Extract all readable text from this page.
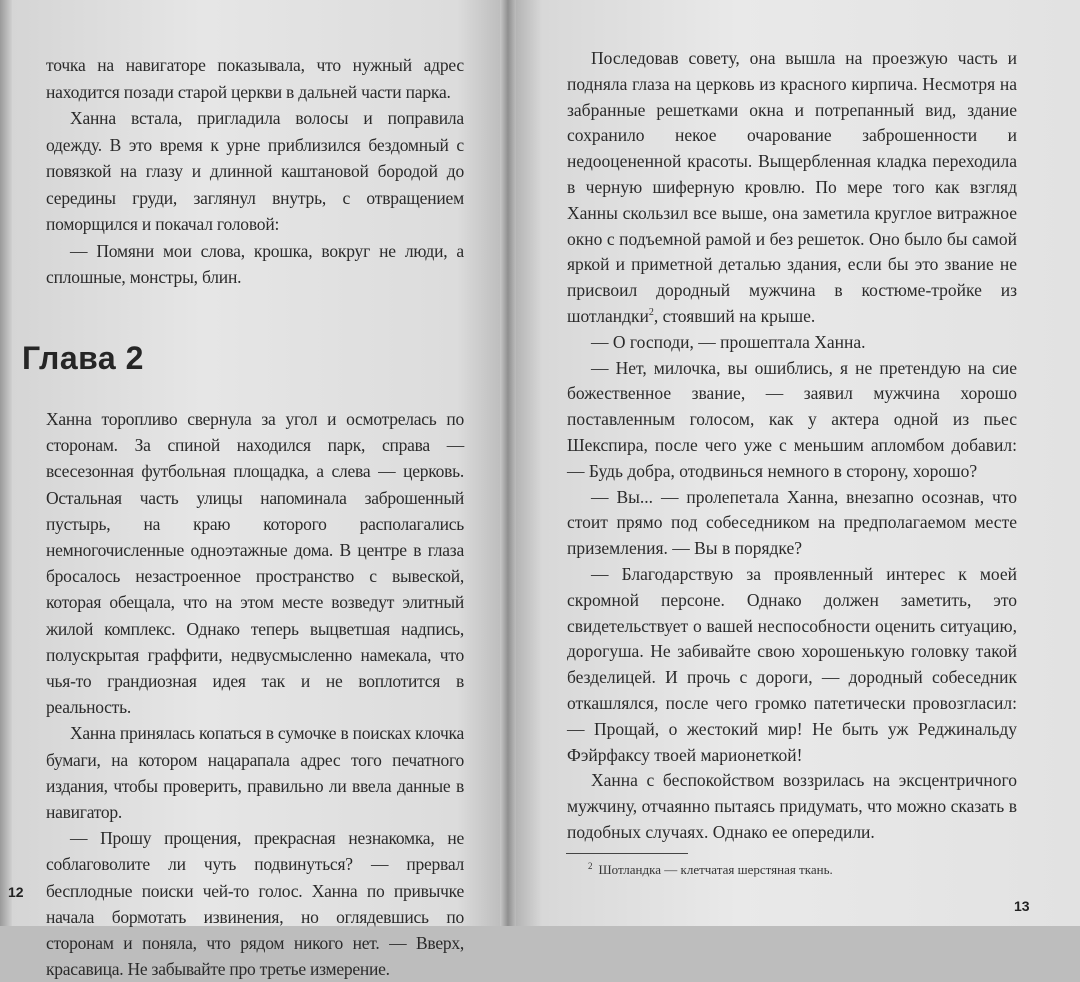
точка на навигаторе показывала, что нужный адрес находится позади старой церкви в дальней части парка.

Ханна встала, пригладила волосы и поправила одежду. В это время к урне приблизился бездомный с повязкой на глазу и длинной каштановой бородой до середины груди, заглянул внутрь, с отвращением поморщился и покачал головой:

— Помяни мои слова, крошка, вокруг не люди, а сплошные, монстры, блин.

Глава 2

Ханна торопливо свернула за угол и осмотрелась по сторонам. За спиной находился парк, справа — всесезонная футбольная площадка, а слева — церковь. Остальная часть улицы напоминала заброшенный пустырь, на краю которого располагались немногочисленные одноэтажные дома. В центре в глаза бросалось незастроенное пространство с вывеской, которая обещала, что на этом месте возведут элитный жилой комплекс. Однако теперь выцветшая надпись, полускрытая граффити, недвусмысленно намекала, что чья-то грандиозная идея так и не воплотится в реальность.

Ханна принялась копаться в сумочке в поисках клочка бумаги, на котором нацарапала адрес того печатного издания, чтобы проверить, правильно ли ввела данные в навигатор.

— Прошу прощения, прекрасная незнакомка, не соблаговолите ли чуть подвинуться? — прервал бесплодные поиски чей-то голос. Ханна по привычке начала бормотать извинения, но оглядевшись по сторонам и поняла, что рядом никого нет. — Вверх, красавица. Не забывайте про третье измерение.

12

Последовав совету, она вышла на проезжую часть и подняла глаза на церковь из красного кирпича. Несмотря на забранные решетками окна и потрепанный вид, здание сохранило некое очарование заброшенности и недооцененной красоты. Выщербленная кладка переходила в черную шиферную кровлю. По мере того как взгляд Ханны скользил все выше, она заметила круглое витражное окно с подъемной рамой и без решеток. Оно было бы самой яркой и приметной деталью здания, если бы это звание не присвоил дородный мужчина в костюме-тройке из шотландки$^2$, стоявший на крыше.

— О господи, — прошептала Ханна.

— Нет, милочка, вы ошиблись, я не претендую на сие божественное звание, — заявил мужчина хорошо поставленным голосом, как у актера одной из пьес Шекспира, после чего уже с меньшим апломбом добавил: — Будь добра, отодвинься немного в сторону, хорошо?

— Вы... — пролепетала Ханна, внезапно осознав, что стоит прямо под собеседником на предполагаемом месте приземления. — Вы в порядке?

— Благодарствую за проявленный интерес к моей скромной персоне. Однако должен заметить, это свидетельствует о вашей неспособности оценить ситуацию, дорогуша. Не забивайте свою хорошенькую головку такой безделицей. И прочь с дороги, — дородный собеседник откашлялся, после чего громко патетически провозгласил: — Прощай, о жестокий мир! Не быть уж Реджинальду Фэйрфаксу твоей марионеткой!

Ханна с беспокойством воззрилась на эксцентричного мужчину, отчаянно пытаясь придумать, что можно сказать в подобных случаях. Однако ее опередили.

$^2$ Шотландка — клетчатая шерстяная ткань.
13
